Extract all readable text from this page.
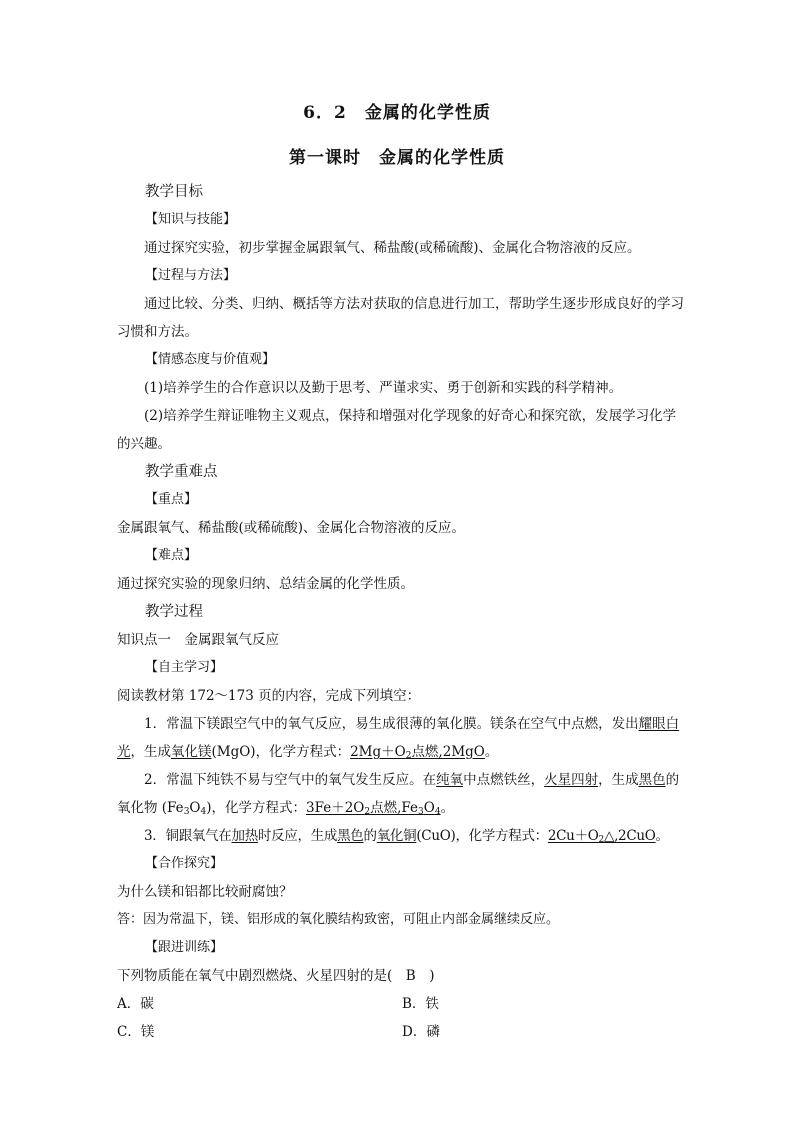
6．2　金属的化学性质
第一课时　金属的化学性质
教学目标
【知识与技能】
通过探究实验，初步掌握金属跟氧气、稀盐酸(或稀硫酸)、金属化合物溶液的反应。
【过程与方法】
通过比较、分类、归纳、概括等方法对获取的信息进行加工，帮助学生逐步形成良好的学习习惯和方法。
【情感态度与价值观】
(1)培养学生的合作意识以及勤于思考、严谨求实、勇于创新和实践的科学精神。
(2)培养学生辩证唯物主义观点，保持和增强对化学现象的好奇心和探究欲，发展学习化学的兴趣。
教学重难点
【重点】
金属跟氧气、稀盐酸(或稀硫酸)、金属化合物溶液的反应。
【难点】
通过探究实验的现象归纳、总结金属的化学性质。
教学过程
知识点一　金属跟氧气反应
【自主学习】
阅读教材第 172～173 页的内容，完成下列填空：
1．常温下镁跟空气中的氧气反应，易生成很薄的氧化膜。镁条在空气中点燃，发出耀眼白光，生成氧化镁(MgO)，化学方程式：$2Mg+O_2$点燃,2MgO。
2．常温下纯铁不易与空气中的氧气发生反应。在纯氧中点燃铁丝，火星四射，生成黑色的氧化物 $(Fe_3O_4)$，化学方程式：$3Fe+2O_2$点燃$,Fe_3O_4$。
3．铜跟氧气在加热时反应，生成黑色的氧化铜(CuO)，化学方程式：$2Cu+O_2\triangle,2CuO$。
【合作探究】
为什么镁和铝都比较耐腐蚀？
答：因为常温下，镁、铝形成的氧化膜结构致密，可阻止内部金属继续反应。
【跟进训练】
下列物质能在氧气中剧烈燃烧、火星四射的是(　B　)
A．碳	B．铁
C．镁	D．磷
